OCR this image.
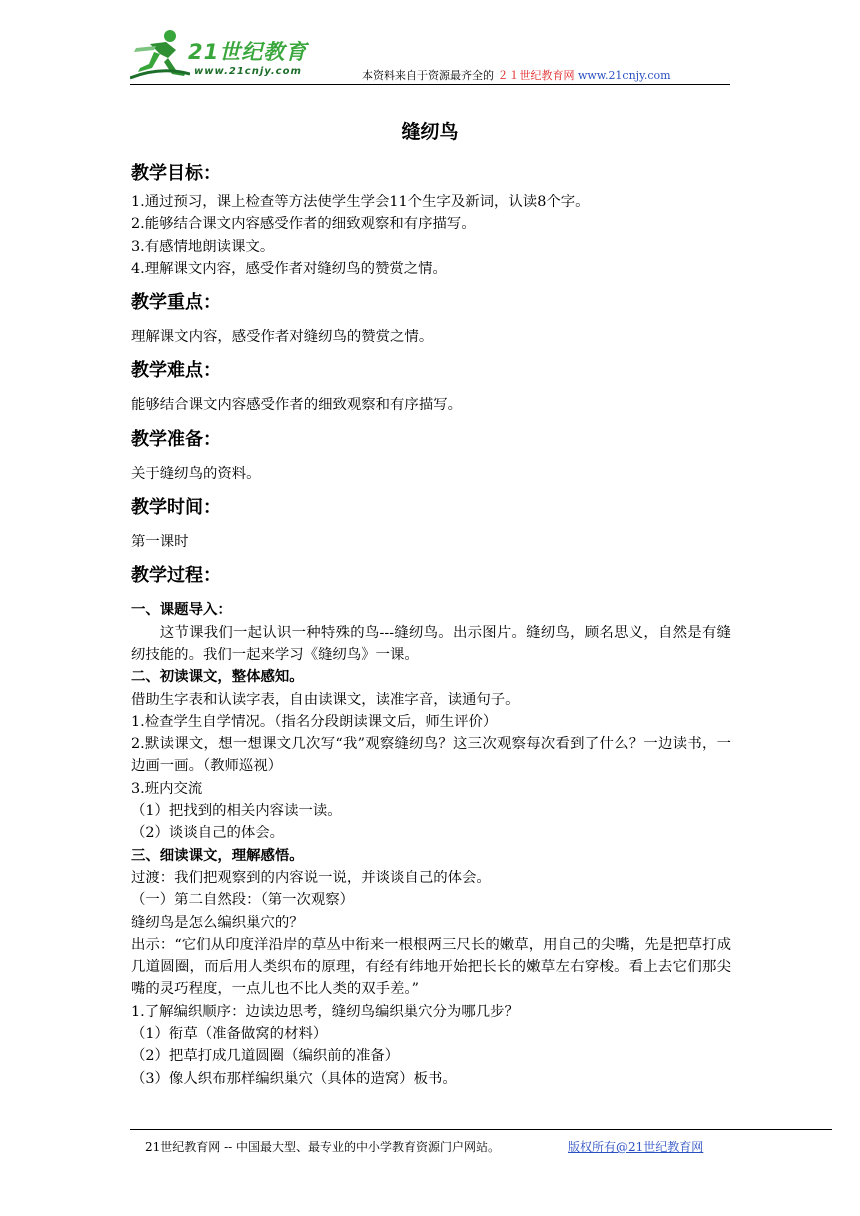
21世纪教育
www.21cnjy.com	本资料来自于资源最齐全的 ２１世纪教育网 www.21cnjy.com
缝纫鸟
教学目标：

1.通过预习，课上检查等方法使学生学会11个生字及新词，认读8个字。

2.能够结合课文内容感受作者的细致观察和有序描写。

3.有感情地朗读课文。

4.理解课文内容，感受作者对缝纫鸟的赞赏之情。

教学重点：

理解课文内容，感受作者对缝纫鸟的赞赏之情。

教学难点：

能够结合课文内容感受作者的细致观察和有序描写。

教学准备：

关于缝纫鸟的资料。

教学时间：

第一课时

教学过程：

一、课题导入：

这节课我们一起认识一种特殊的鸟---缝纫鸟。出示图片。缝纫鸟，顾名思义，自然是有缝纫技能的。我们一起来学习《缝纫鸟》一课。

二、初读课文，整体感知。

借助生字表和认读字表，自由读课文，读准字音，读通句子。

1.检查学生自学情况。（指名分段朗读课文后，师生评价）

2.默读课文，想一想课文几次写“我”观察缝纫鸟？这三次观察每次看到了什么？一边读书，一边画一画。（教师巡视）

3.班内交流

（1）把找到的相关内容读一读。

（2）谈谈自己的体会。

三、细读课文，理解感悟。

过渡：我们把观察到的内容说一说，并谈谈自己的体会。

（一）第二自然段：（第一次观察）

缝纫鸟是怎么编织巢穴的？

出示：“它们从印度洋沿岸的草丛中衔来一根根两三尺长的嫩草，用自己的尖嘴，先是把草打成几道圆圈，而后用人类织布的原理，有经有纬地开始把长长的嫩草左右穿梭。看上去它们那尖嘴的灵巧程度，一点儿也不比人类的双手差。”

1.了解编织顺序：边读边思考，缝纫鸟编织巢穴分为哪几步？

（1）衔草（准备做窝的材料）

（2）把草打成几道圆圈（编织前的准备）

（3）像人织布那样编织巢穴（具体的造窝）板书。

21世纪教育网 -- 中国最大型、最专业的中小学教育资源门户网站。	版权所有@21世纪教育网
